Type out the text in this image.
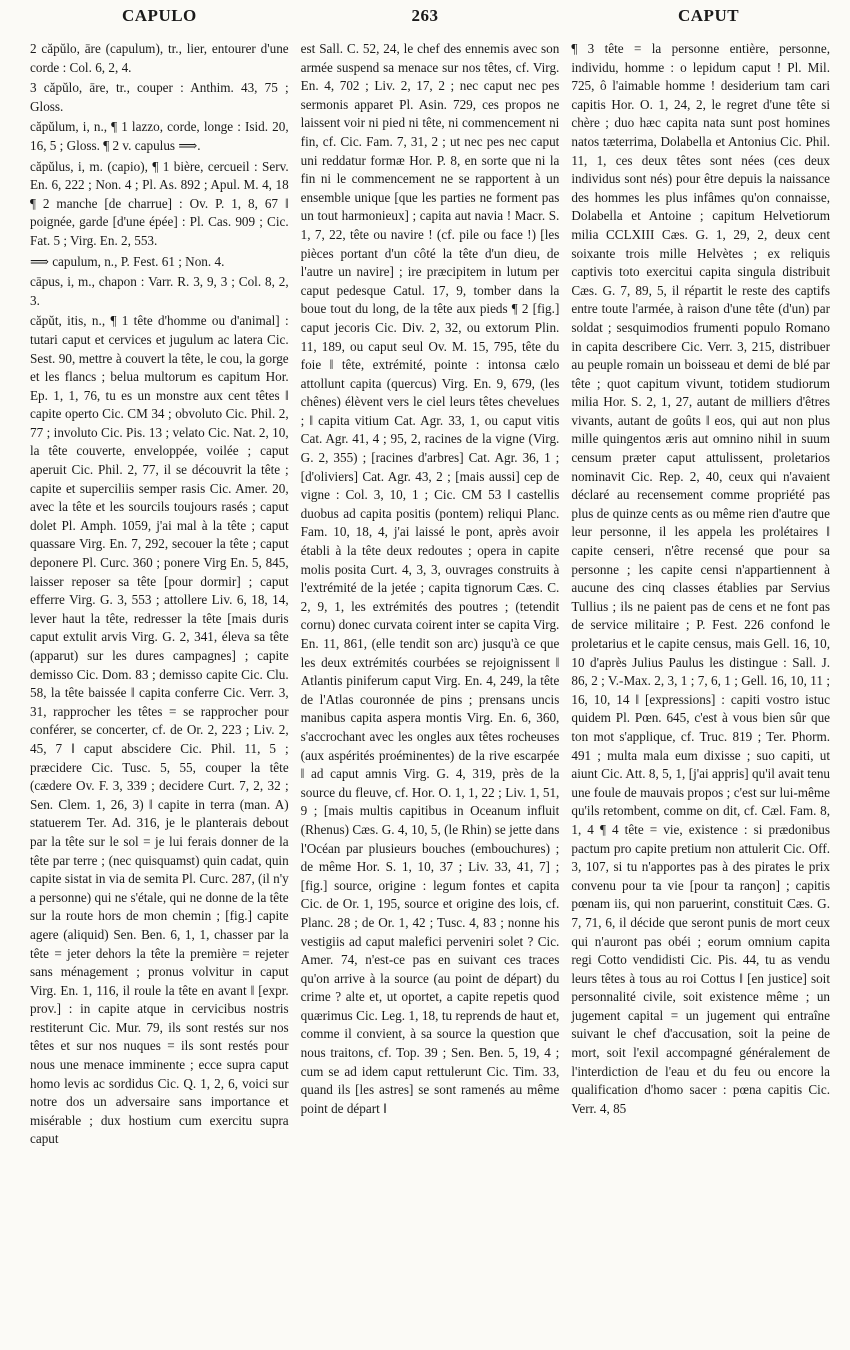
CAPULO	263	CAPUT

2 căpŭlo, āre (capulum), tr., lier, entourer d'une corde : Col. 6, 2, 4.

3 căpŭlo, āre, tr., couper : Anthim. 43, 75 ; Gloss.

căpŭlum, i, n., ¶ 1 lazzo, corde, longe : Isid. 20, 16, 5 ; Gloss. ¶ 2 v. capulus ⟹.

căpŭlus, i, m. (capio), ¶ 1 bière, cercueil : Serv. En. 6, 222 ; Non. 4 ; Pl. As. 892 ; Apul. M. 4, 18 ¶ 2 manche [de charrue] : Ov. P. 1, 8, 67 ‖ poignée, garde [d'une épée] : Pl. Cas. 909 ; Cic. Fat. 5 ; Virg. En. 2, 553.

⟹ capulum, n., P. Fest. 61 ; Non. 4.

cāpus, i, m., chapon : Varr. R. 3, 9, 3 ; Col. 8, 2, 3.

căpŭt, itis, n., ¶ 1 tête d'homme ou d'animal] : tutari caput et cervices et jugulum ac latera Cic. Sest. 90, mettre à couvert la tête, le cou, la gorge et les flancs ; belua multorum es capitum Hor. Ep. 1, 1, 76, tu es un monstre aux cent têtes ‖ capite operto Cic. CM 34 ; obvoluto Cic. Phil. 2, 77 ; involuto Cic. Pis. 13 ; velato Cic. Nat. 2, 10, la tête couverte, enveloppée, voilée ; caput aperuit Cic. Phil. 2, 77, il se découvrit la tête ; capite et superciliis semper rasis Cic. Amer. 20, avec la tête et les sourcils toujours rasés ; caput dolet Pl. Amph. 1059, j'ai mal à la tête ; caput quassare Virg. En. 7, 292, secouer la tête ; caput deponere Pl. Curc. 360 ; ponere Virg En. 5, 845, laisser reposer sa tête [pour dormir] ; caput efferre Virg. G. 3, 553 ; attollere Liv. 6, 18, 14, lever haut la tête, redresser la tête [mais duris caput extulit arvis Virg. G. 2, 341, éleva sa tête (apparut) sur les dures campagnes] ; capite demisso Cic. Dom. 83 ; demisso capite Cic. Clu. 58, la tête baissée ‖ capita conferre Cic. Verr. 3, 31, rapprocher les têtes = se rapprocher pour conférer, se concerter, cf. de Or. 2, 223 ; Liv. 2, 45, 7 ‖ caput abscidere Cic. Phil. 11, 5 ; præcidere Cic. Tusc. 5, 55, couper la tête (cædere Ov. F. 3, 339 ; decidere Curt. 7, 2, 32 ; Sen. Clem. 1, 26, 3) ‖ capite in terra (man. A) statuerem Ter. Ad. 316, je le planterais debout par la tête sur le sol = je lui ferais donner de la tête par terre ; (nec quisquamst) quin cadat, quin capite sistat in via de semita Pl. Curc. 287, (il n'y a personne) qui ne s'étale, qui ne donne de la tête sur la route hors de mon chemin ; [fig.] capite agere (aliquid) Sen. Ben. 6, 1, 1, chasser par la tête = jeter dehors la tête la première = rejeter sans ménagement ; pronus volvitur in caput Virg. En. 1, 116, il roule la tête en avant ‖ [expr. prov.] : in capite atque in cervicibus nostris restiterunt Cic. Mur. 79, ils sont restés sur nos têtes et sur nos nuques = ils sont restés pour nous une menace imminente ; ecce supra caput homo levis ac sordidus Cic. Q. 1, 2, 6, voici sur notre dos un adversaire sans importance et misérable ; dux hostium cum exercitu supra caput

est Sall. C. 52, 24, le chef des ennemis avec son armée suspend sa menace sur nos têtes, cf. Virg. En. 4, 702 ; Liv. 2, 17, 2 ; nec caput nec pes sermonis apparet Pl. Asin. 729, ces propos ne laissent voir ni pied ni tête, ni commencement ni fin, cf. Cic. Fam. 7, 31, 2 ; ut nec pes nec caput uni reddatur formæ Hor. P. 8, en sorte que ni la fin ni le commencement ne se rapportent à un ensemble unique [que les parties ne forment pas un tout harmonieux] ; capita aut navia ! Macr. S. 1, 7, 22, tête ou navire ! (cf. pile ou face !) [les pièces portant d'un côté la tête d'un dieu, de l'autre un navire] ; ire præcipitem in lutum per caput pedesque Catul. 17, 9, tomber dans la boue tout du long, de la tête aux pieds ¶ 2 [fig.] caput jecoris Cic. Div. 2, 32, ou extorum Plin. 11, 189, ou caput seul Ov. M. 15, 795, tête du foie ‖ tête, extrémité, pointe : intonsa cælo attollunt capita (quercus) Virg. En. 9, 679, (les chênes) élèvent vers le ciel leurs têtes chevelues ; ‖ capita vitium Cat. Agr. 33, 1, ou caput vitis Cat. Agr. 41, 4 ; 95, 2, racines de la vigne (Virg. G. 2, 355) ; [racines d'arbres] Cat. Agr. 36, 1 ; [d'oliviers] Cat. Agr. 43, 2 ; [mais aussi] cep de vigne : Col. 3, 10, 1 ; Cic. CM 53 ‖ castellis duobus ad capita positis (pontem) reliqui Planc. Fam. 10, 18, 4, j'ai laissé le pont, après avoir établi à la tête deux redoutes ; opera in capite molis posita Curt. 4, 3, 3, ouvrages construits à l'extrémité de la jetée ; capita tignorum Cæs. C. 2, 9, 1, les extrémités des poutres ; (tetendit cornu) donec curvata coirent inter se capita Virg. En. 11, 861, (elle tendit son arc) jusqu'à ce que les deux extrémités courbées se rejoignissent ‖ Atlantis piniferum caput Virg. En. 4, 249, la tête de l'Atlas couronnée de pins ; prensans uncis manibus capita aspera montis Virg. En. 6, 360, s'accrochant avec les ongles aux têtes rocheuses (aux aspérités proéminentes) de la rive escarpée ‖ ad caput amnis Virg. G. 4, 319, près de la source du fleuve, cf. Hor. O. 1, 1, 22 ; Liv. 1, 51, 9 ; [mais multis capitibus in Oceanum influit (Rhenus) Cæs. G. 4, 10, 5, (le Rhin) se jette dans l'Océan par plusieurs bouches (embouchures) ; de même Hor. S. 1, 10, 37 ; Liv. 33, 41, 7] ; [fig.] source, origine : legum fontes et capita Cic. de Or. 1, 195, source et origine des lois, cf. Planc. 28 ; de Or. 1, 42 ; Tusc. 4, 83 ; nonne his vestigiis ad caput malefici perveniri solet ? Cic. Amer. 74, n'est-ce pas en suivant ces traces qu'on arrive à la source (au point de départ) du crime ? alte et, ut oportet, a capite repetis quod quærimus Cic. Leg. 1, 18, tu reprends de haut et, comme il convient, à sa source la question que nous traitons, cf. Top. 39 ; Sen. Ben. 5, 19, 4 ; cum se ad idem caput rettulerunt Cic. Tim. 33, quand ils [les astres] se sont ramenés au même point de départ ‖

¶ 3 tête = la personne entière, personne, individu, homme : o lepidum caput ! Pl. Mil. 725, ô l'aimable homme ! desiderium tam cari capitis Hor. O. 1, 24, 2, le regret d'une tête si chère ; duo hæc capita nata sunt post homines natos tæterrima, Dolabella et Antonius Cic. Phil. 11, 1, ces deux têtes sont nées (ces deux individus sont nés) pour être depuis la naissance des hommes les plus infâmes qu'on connaisse, Dolabella et Antoine ; capitum Helvetiorum milia CCLXIII Cæs. G. 1, 29, 2, deux cent soixante trois mille Helvètes ; ex reliquis captivis toto exercitui capita singula distribuit Cæs. G. 7, 89, 5, il répartit le reste des captifs entre toute l'armée, à raison d'une tête (d'un) par soldat ; sesquimodios frumenti populo Romano in capita describere Cic. Verr. 3, 215, distribuer au peuple romain un boisseau et demi de blé par tête ; quot capitum vivunt, totidem studiorum milia Hor. S. 2, 1, 27, autant de milliers d'êtres vivants, autant de goûts ‖ eos, qui aut non plus mille quingentos æris aut omnino nihil in suum censum præter caput attulissent, proletarios nominavit Cic. Rep. 2, 40, ceux qui n'avaient déclaré au recensement comme propriété pas plus de quinze cents as ou même rien d'autre que leur personne, il les appela les prolétaires ‖ capite censeri, n'être recensé que pour sa personne ; les capite censi n'appartiennent à aucune des cinq classes établies par Servius Tullius ; ils ne paient pas de cens et ne font pas de service militaire ; P. Fest. 226 confond le proletarius et le capite census, mais Gell. 16, 10, 10 d'après Julius Paulus les distingue : Sall. J. 86, 2 ; V.-Max. 2, 3, 1 ; 7, 6, 1 ; Gell. 16, 10, 11 ; 16, 10, 14 ‖ [expressions] : capiti vostro istuc quidem Pl. Pœn. 645, c'est à vous bien sûr que ton mot s'applique, cf. Truc. 819 ; Ter. Phorm. 491 ; multa mala eum dixisse ; suo capiti, ut aiunt Cic. Att. 8, 5, 1, [j'ai appris] qu'il avait tenu une foule de mauvais propos ; c'est sur lui-même qu'ils retombent, comme on dit, cf. Cæl. Fam. 8, 1, 4 ¶ 4 tête = vie, existence : si prædonibus pactum pro capite pretium non attulerit Cic. Off. 3, 107, si tu n'apportes pas à des pirates le prix convenu pour ta vie [pour ta rançon] ; capitis pœnam iis, qui non paruerint, constituit Cæs. G. 7, 71, 6, il décide que seront punis de mort ceux qui n'auront pas obéi ; eorum omnium capita regi Cotto vendidisti Cic. Pis. 44, tu as vendu leurs têtes à tous au roi Cottus ‖ [en justice] soit personnalité civile, soit existence même ; un jugement capital = un jugement qui entraîne suivant le chef d'accusation, soit la peine de mort, soit l'exil accompagné généralement de l'interdiction de l'eau et du feu ou encore la qualification d'homo sacer : pœna capitis Cic. Verr. 4, 85
